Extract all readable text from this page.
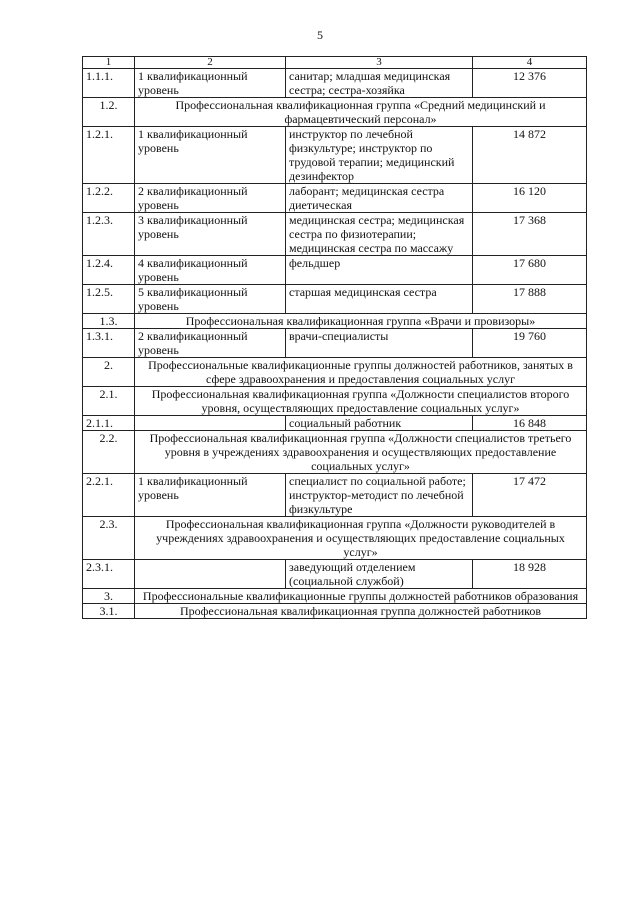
5
1	2	3	4
1.1.1.	1 квалификационный уровень	санитар; младшая медицинская сестра; сестра-хозяйка	12 376
1.2.	Профессиональная квалификационная группа «Средний медицинский и фармацевтический персонал»		
1.2.1.	1 квалификационный уровень	инструктор по лечебной физкультуре; инструктор по трудовой терапии; медицинский дезинфектор	14 872
1.2.2.	2 квалификационный уровень	лаборант; медицинская сестра диетическая	16 120
1.2.3.	3 квалификационный уровень	медицинская сестра; медицинская сестра по физиотерапии; медицинская сестра по массажу	17 368
1.2.4.	4 квалификационный уровень	фельдшер	17 680
1.2.5.	5 квалификационный уровень	старшая медицинская сестра	17 888
1.3.	Профессиональная квалификационная группа «Врачи и провизоры»		
1.3.1.	2 квалификационный уровень	врачи-специалисты	19 760
2.	Профессиональные квалификационные группы должностей работников, занятых в сфере здравоохранения и предоставления социальных услуг		
2.1.	Профессиональная квалификационная группа «Должности специалистов второго уровня, осуществляющих предоставление социальных услуг»		
2.1.1.		социальный работник	16 848
2.2.	Профессиональная квалификационная группа «Должности специалистов третьего уровня в учреждениях здравоохранения и осуществляющих предоставление социальных услуг»		
2.2.1.	1 квалификационный уровень	специалист по социальной работе; инструктор-методист по лечебной физкультуре	17 472
2.3.	Профессиональная квалификационная группа «Должности руководителей в учреждениях здравоохранения и осуществляющих предоставление социальных услуг»		
2.3.1.		заведующий отделением (социальной службой)	18 928
3.	Профессиональные квалификационные группы должностей работников образования		
3.1.	Профессиональная квалификационная группа должностей работников		
